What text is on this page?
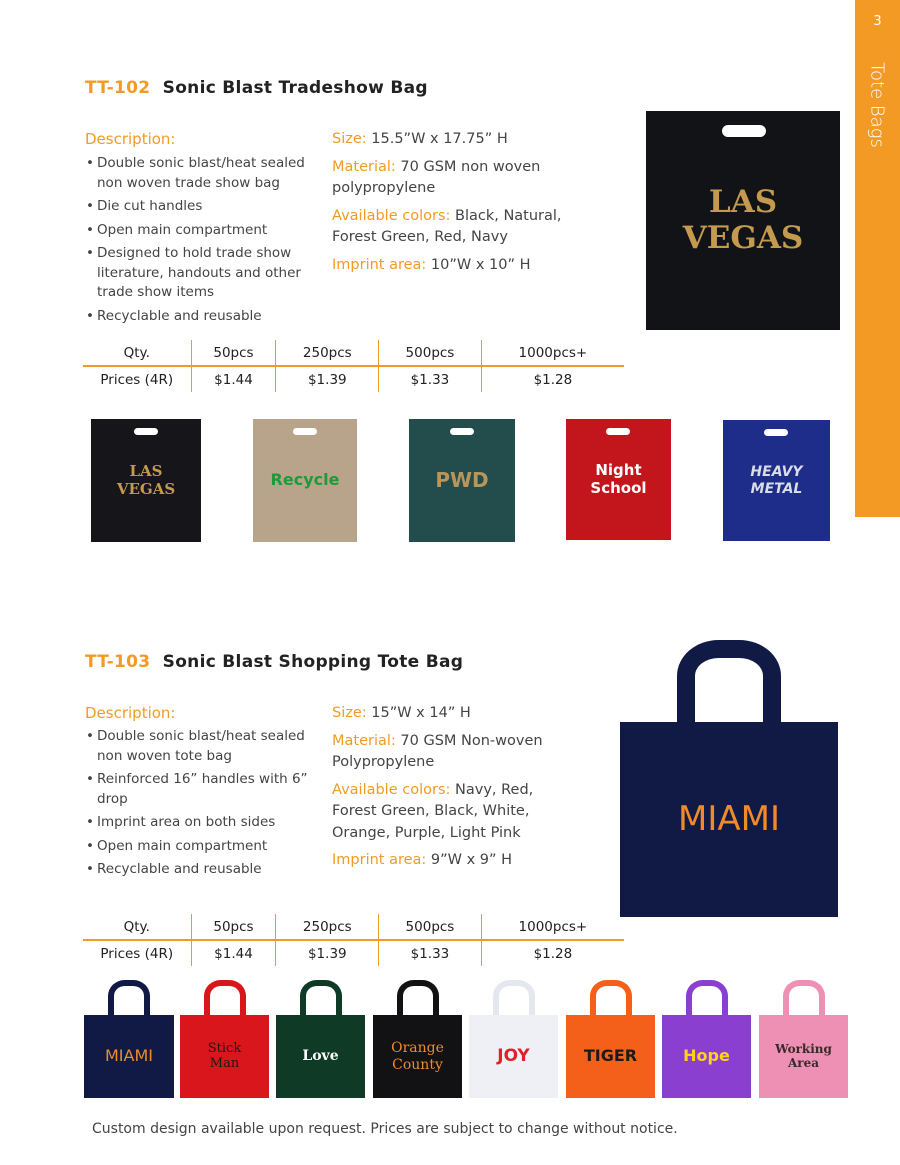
3
Tote Bags
TT-102 Sonic Blast Tradeshow Bag
Description:
• Double sonic blast/heat sealed non woven trade show bag
• Die cut handles
• Open main compartment
• Designed to hold trade show literature, handouts and other trade show items
• Recyclable and reusable

Size: 15.5”W x 17.75” H

Material: 70 GSM non woven polypropylene

Available colors: Black, Natural, Forest Green, Red, Navy

Imprint area: 10”W x 10” H

Qty.	50pcs	250pcs	500pcs	1000pcs+
Prices (4R)	$1.44	$1.39	$1.33	$1.28
LAS VEGAS
LAS VEGAS	Recycle	PWD	Night School
HEAVY METAL
TT-103 Sonic Blast Shopping Tote Bag
Description:
• Double sonic blast/heat sealed non woven tote bag
• Reinforced 16” handles with 6” drop
• Imprint area on both sides
• Open main compartment
• Recyclable and reusable

Size: 15”W x 14” H

Material: 70 GSM Non-woven Polypropylene

Available colors: Navy, Red, Forest Green, Black, White, Orange, Purple, Light Pink

Imprint area: 9”W x 9” H

Qty.	50pcs	250pcs	500pcs	1000pcs+
Prices (4R)	$1.44	$1.39	$1.33	$1.28
MIAMI
MIAMI	Stick Man	Love
Orange County	JOY	TIGER	Hope	Working Area
Custom design available upon request. Prices are subject to change without notice.
